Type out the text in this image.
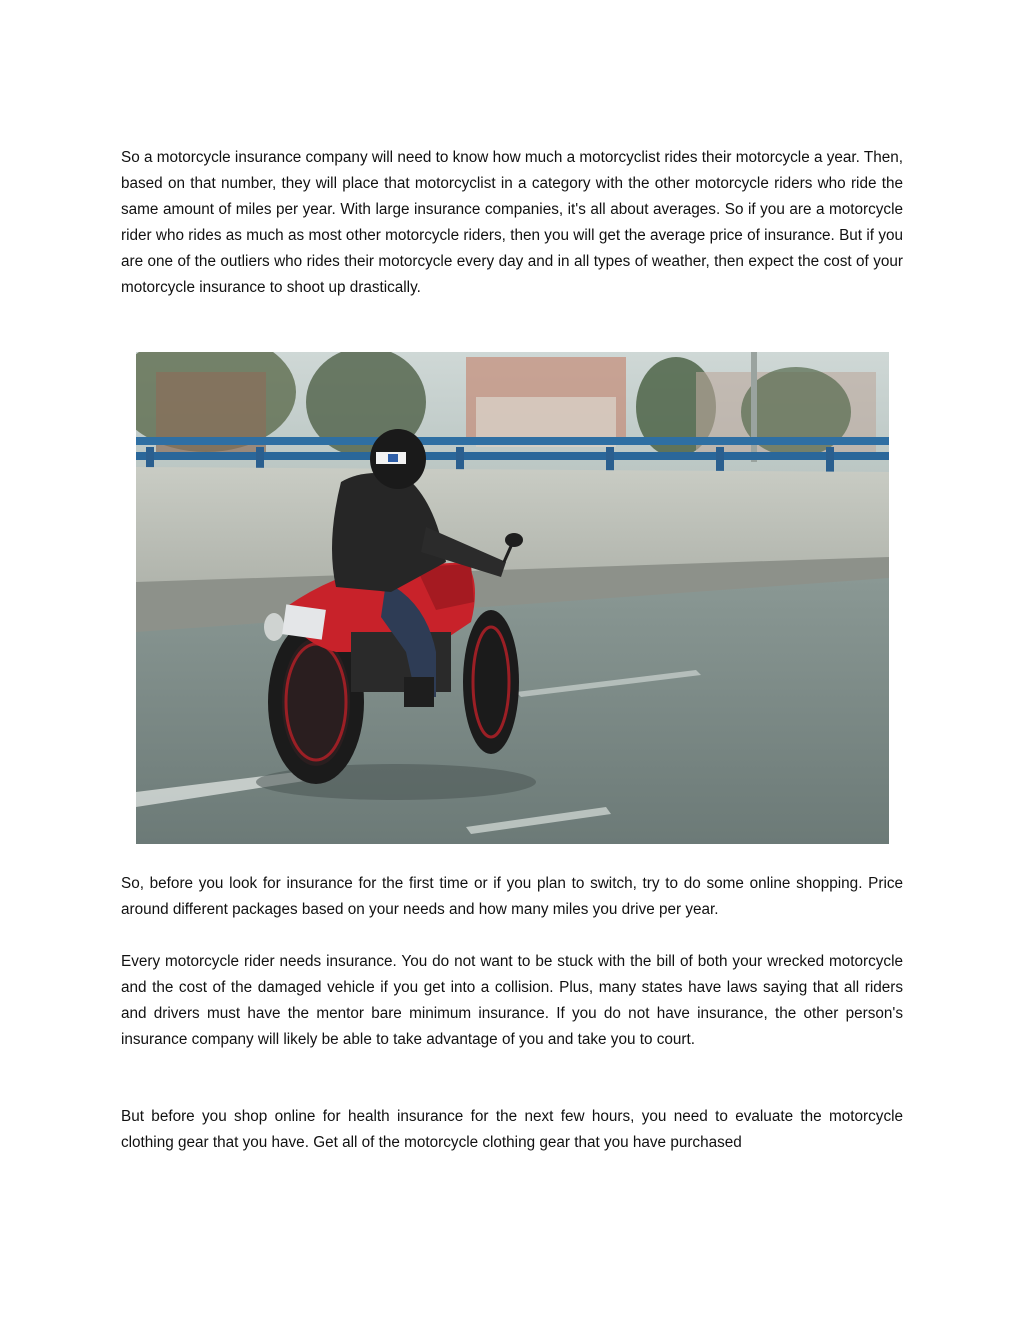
So a motorcycle insurance company will need to know how much a motorcyclist rides their motorcycle a year. Then, based on that number, they will place that motorcyclist in a category with the other motorcycle riders who ride the same amount of miles per year. With large insurance companies, it's all about averages. So if you are a motorcycle rider who rides as much as most other motorcycle riders, then you will get the average price of insurance. But if you are one of the outliers who rides their motorcycle every day and in all types of weather, then expect the cost of your motorcycle insurance to shoot up drastically.

So, before you look for insurance for the first time or if you plan to switch, try to do some online shopping. Price around different packages based on your needs and how many miles you drive per year.

Every motorcycle rider needs insurance. You do not want to be stuck with the bill of both your wrecked motorcycle and the cost of the damaged vehicle if you get into a collision. Plus, many states have laws saying that all riders and drivers must have the mentor bare minimum insurance. If you do not have insurance, the other person's insurance company will likely be able to take advantage of you and take you to court.

But before you shop online for health insurance for the next few hours, you need to evaluate the motorcycle clothing gear that you have. Get all of the motorcycle clothing gear that you have purchased
